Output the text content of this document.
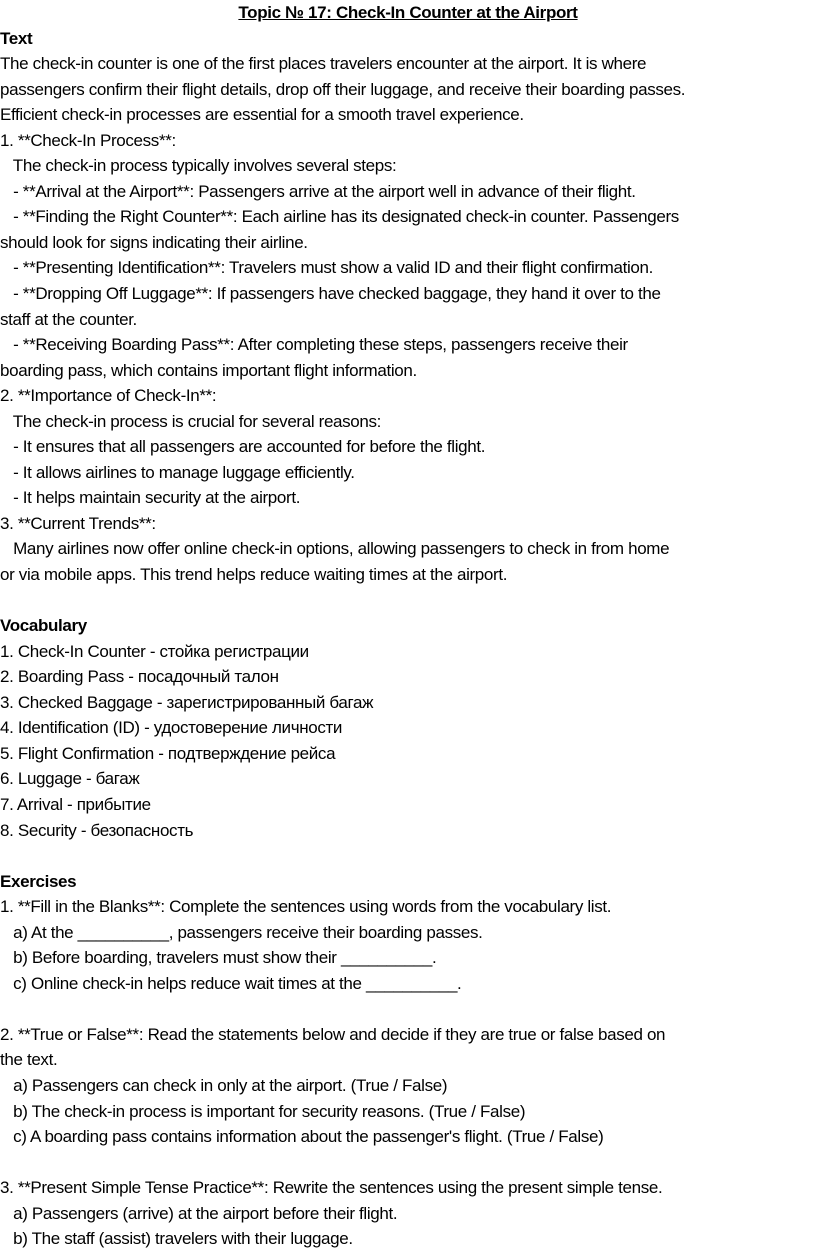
Topic № 17: Check-In Counter at the Airport
Text
The check-in counter is one of the first places travelers encounter at the airport. It is where
passengers confirm their flight details, drop off their luggage, and receive their boarding passes.
Efficient check-in processes are essential for a smooth travel experience.
1. **Check-In Process**:
The check-in process typically involves several steps:
- **Arrival at the Airport**: Passengers arrive at the airport well in advance of their flight.
- **Finding the Right Counter**: Each airline has its designated check-in counter. Passengers
should look for signs indicating their airline.
- **Presenting Identification**: Travelers must show a valid ID and their flight confirmation.
- **Dropping Off Luggage**: If passengers have checked baggage, they hand it over to the
staff at the counter.
- **Receiving Boarding Pass**: After completing these steps, passengers receive their
boarding pass, which contains important flight information.
2. **Importance of Check-In**:
The check-in process is crucial for several reasons:
- It ensures that all passengers are accounted for before the flight.
- It allows airlines to manage luggage efficiently.
- It helps maintain security at the airport.
3. **Current Trends**:
Many airlines now offer online check-in options, allowing passengers to check in from home
or via mobile apps. This trend helps reduce waiting times at the airport.
Vocabulary
1. Check-In Counter - стойка регистрации
2. Boarding Pass - посадочный талон
3. Checked Baggage - зарегистрированный багаж
4. Identification (ID) - удостоверение личности
5. Flight Confirmation - подтверждение рейса
6. Luggage - багаж
7. Arrival - прибытие
8. Security - безопасность
Exercises
1. **Fill in the Blanks**: Complete the sentences using words from the vocabulary list.
a) At the __________, passengers receive their boarding passes.
b) Before boarding, travelers must show their __________.
c) Online check-in helps reduce wait times at the __________.
2. **True or False**: Read the statements below and decide if they are true or false based on
the text.
a) Passengers can check in only at the airport. (True / False)
b) The check-in process is important for security reasons. (True / False)
c) A boarding pass contains information about the passenger's flight. (True / False)
3. **Present Simple Tense Practice**: Rewrite the sentences using the present simple tense.
a) Passengers (arrive) at the airport before their flight.
b) The staff (assist) travelers with their luggage.
